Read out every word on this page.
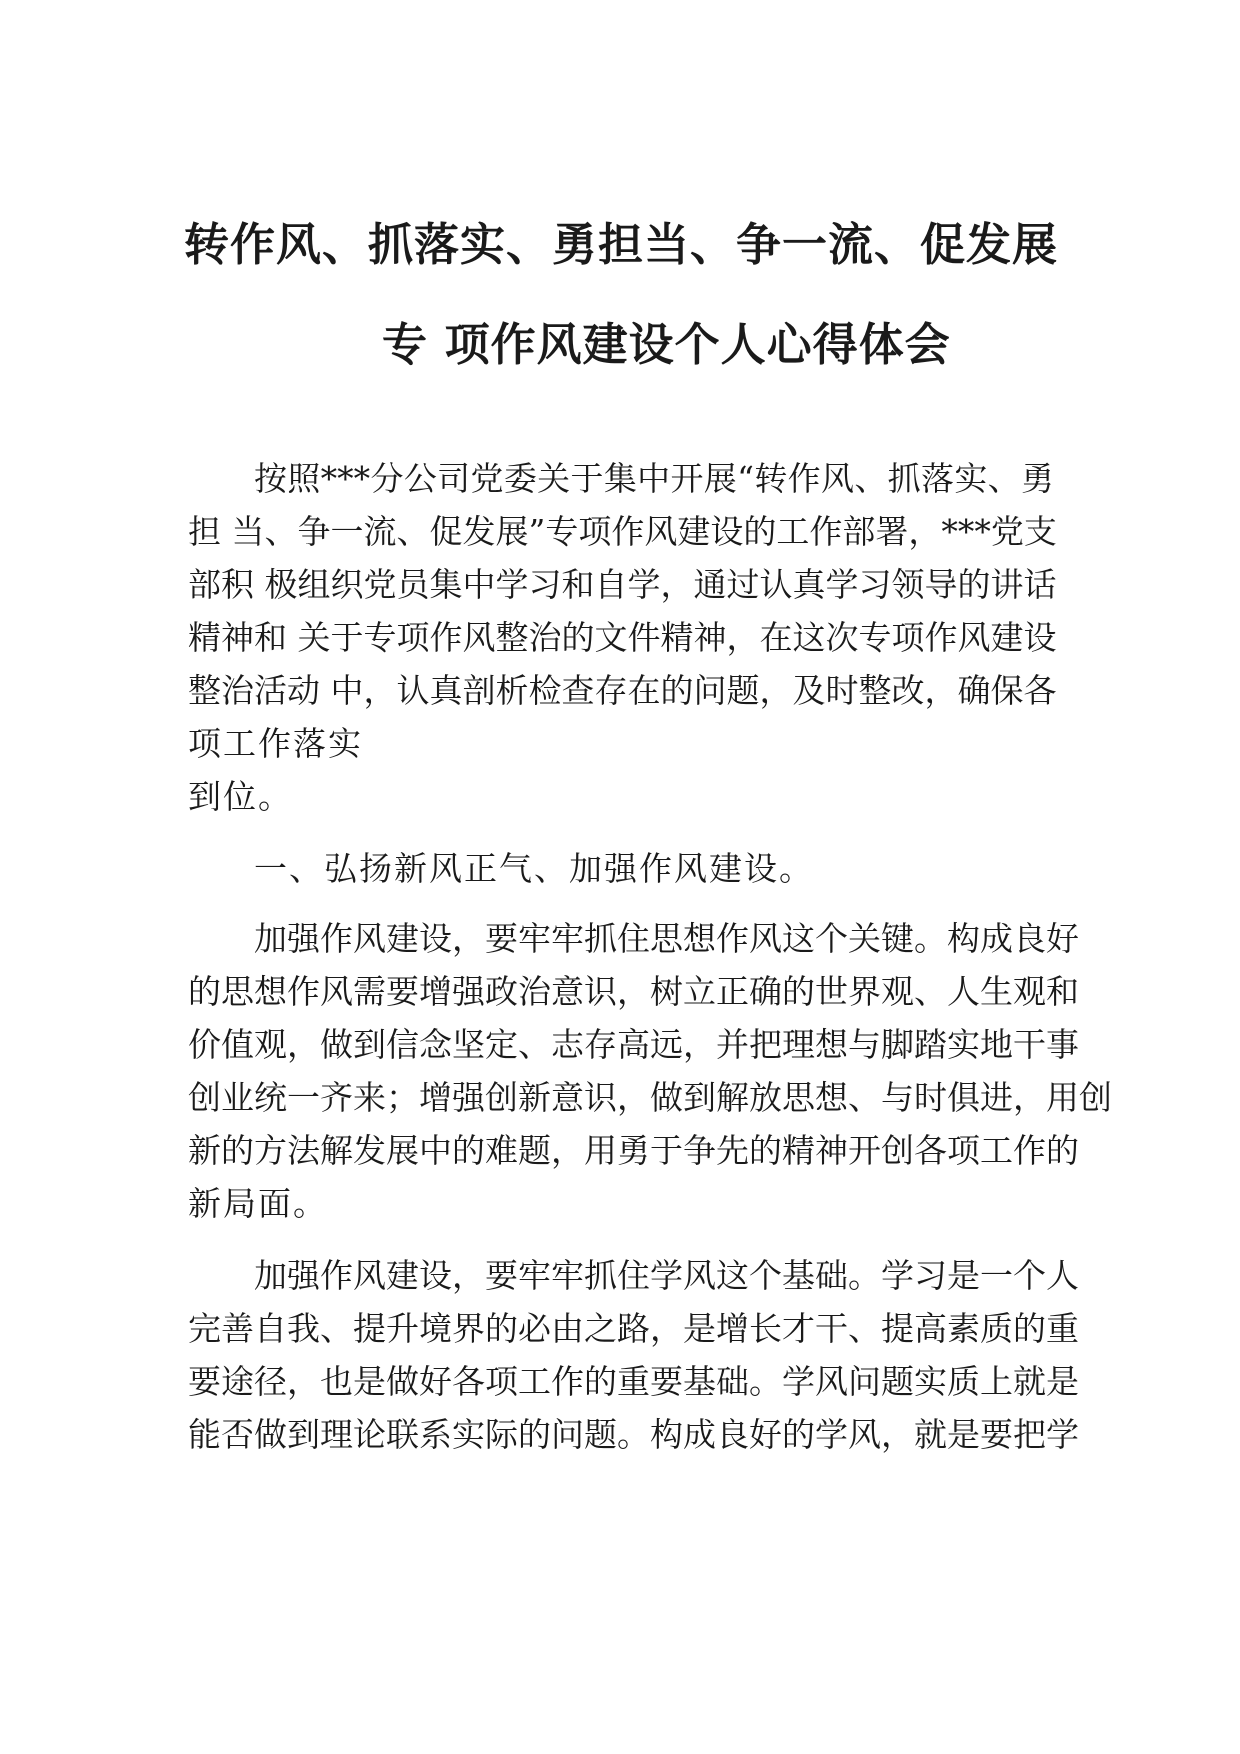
转作风、抓落实、勇担当、争一流、促发展
专 项作风建设个人心得体会
按照***分公司党委关于集中开展“转作风、抓落实、勇
担 当、争一流、促发展”专项作风建设的工作部署，***党支
部积 极组织党员集中学习和自学，通过认真学习领导的讲话
精神和 关于专项作风整治的文件精神，在这次专项作风建设
整治活动 中，认真剖析检查存在的问题，及时整改，确保各
项工作落实
到位。
一、弘扬新风正气、加强作风建设。
加强作风建设，要牢牢抓住思想作风这个关键。构成良好
的思想作风需要增强政治意识，树立正确的世界观、人生观和
价值观，做到信念坚定、志存高远，并把理想与脚踏实地干事
创业统一齐来；增强创新意识，做到解放思想、与时俱进，用创
新的方法解发展中的难题，用勇于争先的精神开创各项工作的
新局面。
加强作风建设，要牢牢抓住学风这个基础。学习是一个人
完善自我、提升境界的必由之路，是增长才干、提高素质的重
要途径，也是做好各项工作的重要基础。学风问题实质上就是
能否做到理论联系实际的问题。构成良好的学风，就是要把学
